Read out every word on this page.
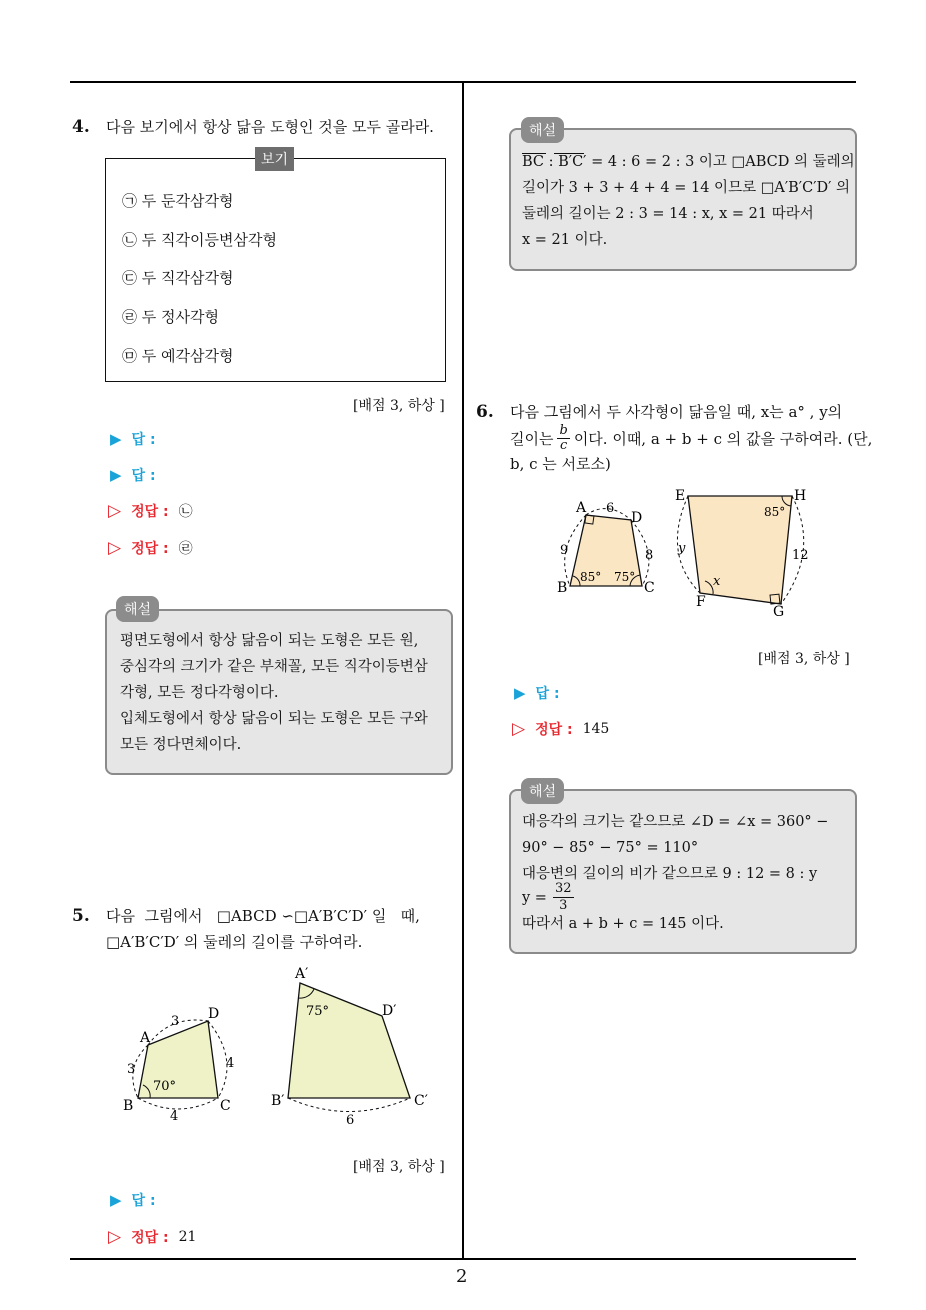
4. 다음 보기에서 항상 닮음 도형인 것을 모두 골라라.
보기
㉠ 두 둔각삼각형
㉡ 두 직각이등변삼각형
㉢ 두 직각삼각형
㉣ 두 정사각형
㉤ 두 예각삼각형
[배점 3, 하상 ]
▶ 답 :
▶ 답 :
▷ 정답 : ㉡
▷ 정답 : ㉣
해설
평면도형에서 항상 닮음이 되는 도형은 모든 원,
중심각의 크기가 같은 부채꼴, 모든 직각이등변삼
각형, 모든 정다각형이다.
입체도형에서 항상 닮음이 되는 도형은 모든 구와
모든 정다면체이다.
5. 다음  그림에서   □ABCD ∽□A′B′C′D′ 일   때,
□A′B′C′D′ 의 둘레의 길이를 구하여라.
A
D
B	C
3
3	4
4
70°
A′
D′
B′	C′
6
75°
[배점 3, 하상 ]
▶ 답 :
▷ 정답 : 21
해설
BC : B′C′ = 4 : 6 = 2 : 3 이고 □ABCD 의 둘레의
길이가 3 + 3 + 4 + 4 = 14 이므로 □A′B′C′D′ 의
둘레의 길이는 2 : 3 = 14 : x, x = 21 따라서
x = 21 이다.
6. 다음 그림에서 두 사각형이 닮음일 때, x는 a° , y의
길이는 $\frac{b}{c}$ 이다. 이때, a + b + c 의 값을 구하여라. (단,
b, c 는 서로소)
A
D
B	C
6
9	8
85° 75°
E	H
F
G
y	12
x
85°
[배점 3, 하상 ]
▶ 답 :
▷ 정답 : 145
해설
대응각의 크기는 같으므로 ∠D = ∠x = 360° −
90° − 85° − 75° = 110°
대응변의 길이의 비가 같으므로 9 : 12 = 8 : y
$y = \frac{32}{3}$
따라서 a + b + c = 145 이다.
2
